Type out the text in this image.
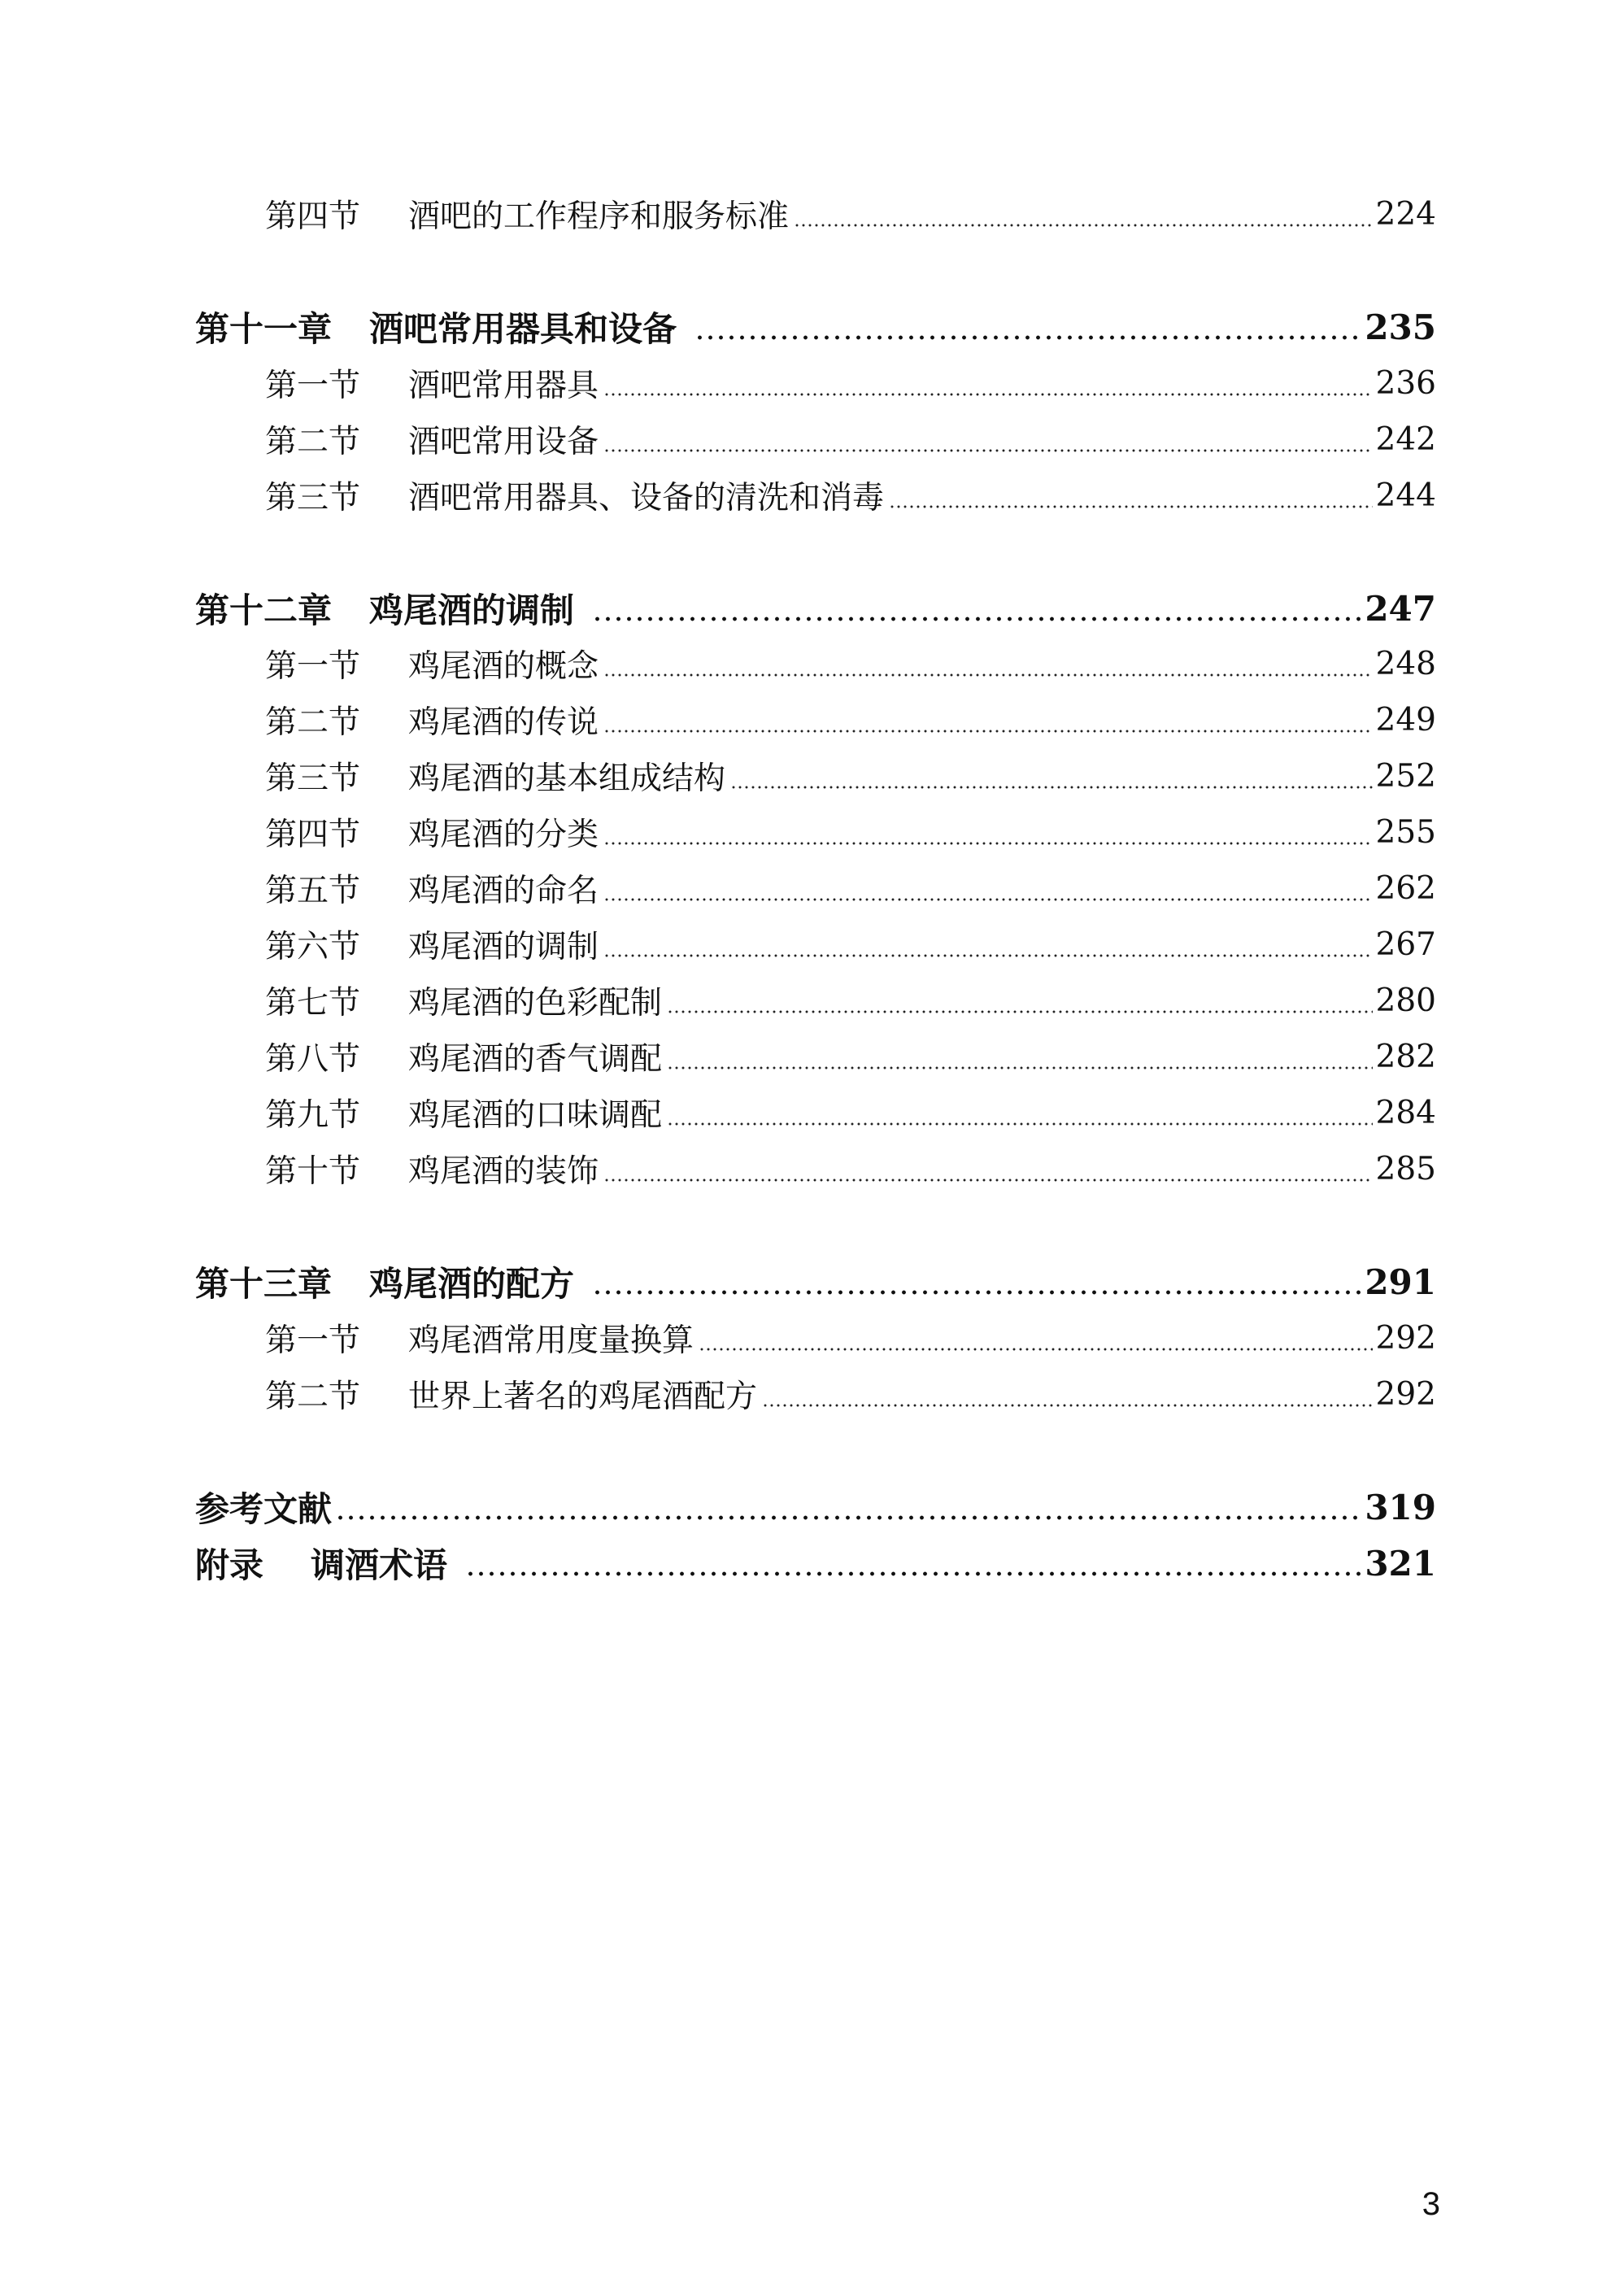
第四节	酒吧的工作程序和服务标准	224
第十一章	酒吧常用器具和设备	235
第一节	酒吧常用器具	236
第二节	酒吧常用设备	242
第三节	酒吧常用器具、设备的清洗和消毒	244
第十二章	鸡尾酒的调制	247
第一节	鸡尾酒的概念	248
第二节	鸡尾酒的传说	249
第三节	鸡尾酒的基本组成结构	252
第四节	鸡尾酒的分类	255
第五节	鸡尾酒的命名	262
第六节	鸡尾酒的调制	267
第七节	鸡尾酒的色彩配制	280
第八节	鸡尾酒的香气调配	282
第九节	鸡尾酒的口味调配	284
第十节	鸡尾酒的装饰	285
第十三章	鸡尾酒的配方	291
第一节	鸡尾酒常用度量换算	292
第二节	世界上著名的鸡尾酒配方	292
参考文献	319
附录	调酒术语	321
3
